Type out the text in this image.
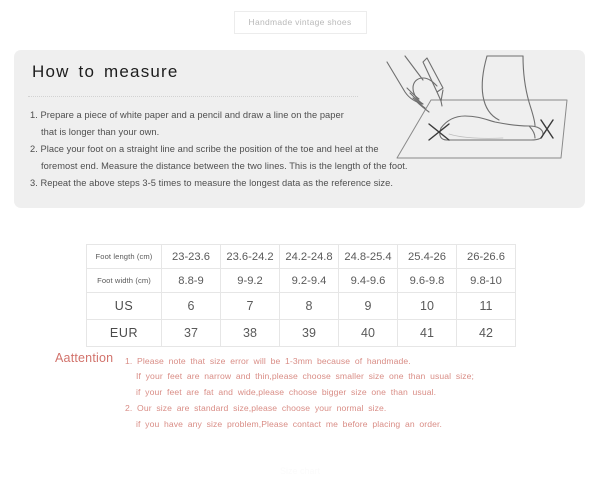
Handmade vintage shoes
How to measure
1. Prepare a piece of white paper and a pencil and draw a line on the paper
that is longer than your own.
2. Place your foot on a straight line and scribe the position of the toe and heel at the
foremost end. Measure the distance between the two lines. This is the length of the foot.
3. Repeat the above steps 3-5 times to measure the longest data as the reference size.
Foot length (cm)	23-23.6	23.6-24.2	24.2-24.8	24.8-25.4	25.4-26	26-26.6
Foot width (cm)	8.8-9	9-9.2	9.2-9.4	9.4-9.6	9.6-9.8	9.8-10
US	6	7	8	9	10	11
EUR	37	38	39	40	41	42
Aattention 1. Please note that size error will be 1-3mm because of handmade.
If your feet are narrow and thin,please choose smaller size one than usual size;
if your feet are fat and wide,please choose bigger size one than usual.
2. Our size are standard size,please choose your normal size.
if you have any size problem,Please contact me before placing an order.
Size chart
